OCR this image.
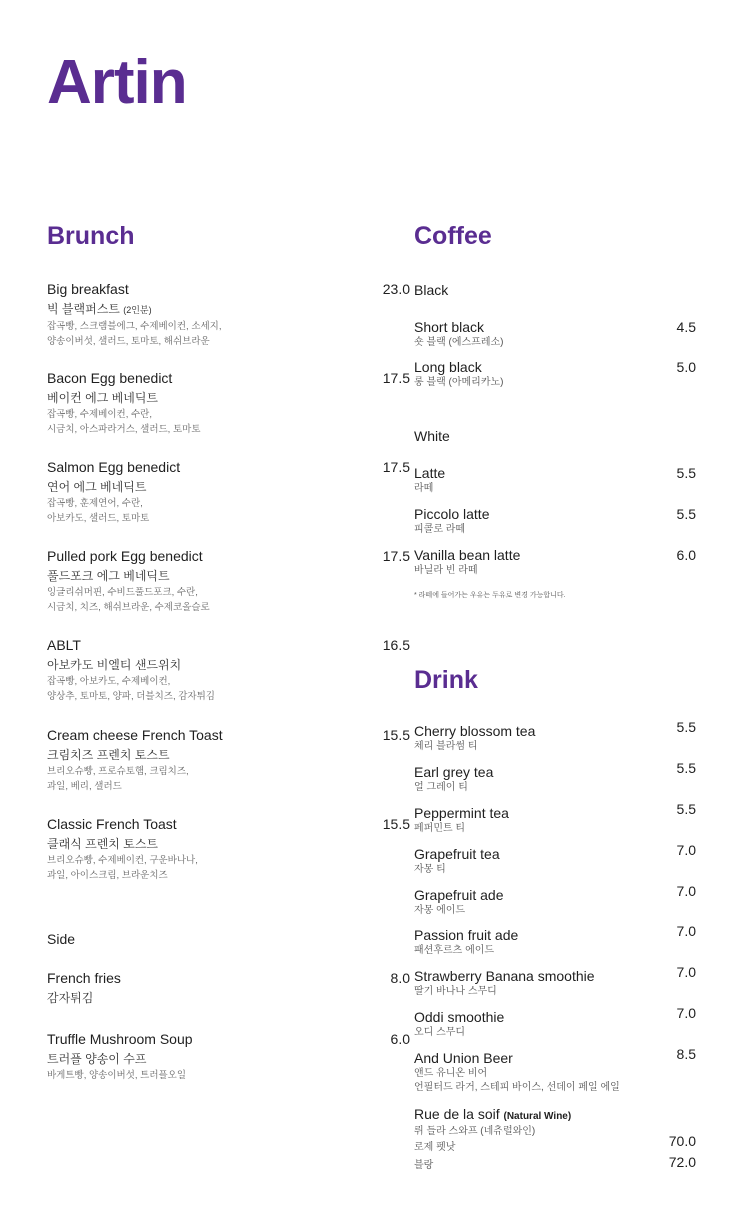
Artin
Brunch
Big breakfast
빅 블랙퍼스트 (2인분)
잡곡빵, 스크램블에그, 수제베이컨, 소세지,
양송이버섯, 샐러드, 토마토, 해쉬브라운
23.0
Bacon Egg benedict
베이컨 에그 베네딕트
잡곡빵, 수제베이컨, 수란,
시금치, 아스파라거스, 샐러드, 토마토
17.5
Salmon Egg benedict
연어 에그 베네딕트
잡곡빵, 훈제연어, 수란,
아보카도, 샐러드, 토마토
17.5
Pulled pork Egg benedict
풀드포크 에그 베네딕트
잉글리쉬머핀, 수비드풀드포크, 수란,
시금치, 치즈, 해쉬브라운, 수제코올슬로
17.5
ABLT
아보카도 비엘티 샌드위치
잡곡빵, 아보카도, 수제베이컨,
양상추, 토마토, 양파, 더블치즈, 감자튀김
16.5
Cream cheese French Toast
크림치즈 프렌치 토스트
브리오슈빵, 프로슈토햄, 크림치즈,
과일, 베리, 샐러드
15.5
Classic French Toast
클래식 프렌치 토스트
브리오슈빵, 수제베이컨, 구운바나나,
과일, 아이스크림, 브라운치즈
15.5
Side
French fries
감자튀김
8.0
Truffle Mushroom Soup
트러플 양송이 수프
바게트빵, 양송이버섯, 트러플오일
6.0
Coffee
Black
Short black
숏 블랙 (에스프레소)
4.5
Long black
롱 블랙 (아메리카노)
5.0
White
Latte
라떼
5.5
Piccolo latte
피콜로 라떼
5.5
Vanilla bean latte
바닐라 빈 라떼
6.0
* 라떼에 들어가는 우유는 두유로 변경 가능합니다.
Drink
Cherry blossom tea
체리 블라썸 티
5.5
Earl grey tea
얼 그레이 티
5.5
Peppermint tea
페퍼민트 티
5.5
Grapefruit tea
자몽 티
7.0
Grapefruit ade
자몽 에이드
7.0
Passion fruit ade
패션후르츠 에이드
7.0
Strawberry Banana smoothie
딸기 바나나 스무디
7.0
Oddi smoothie
오디 스무디
7.0
And Union Beer
앤드 유니온 비어
언필터드 라거, 스테피 바이스, 선데이 페일 에일
8.5
Rue de la soif (Natural Wine)
뤼 들라 스와프 (네츄럴와인)
로제 펫낫
블랑
70.0
72.0
